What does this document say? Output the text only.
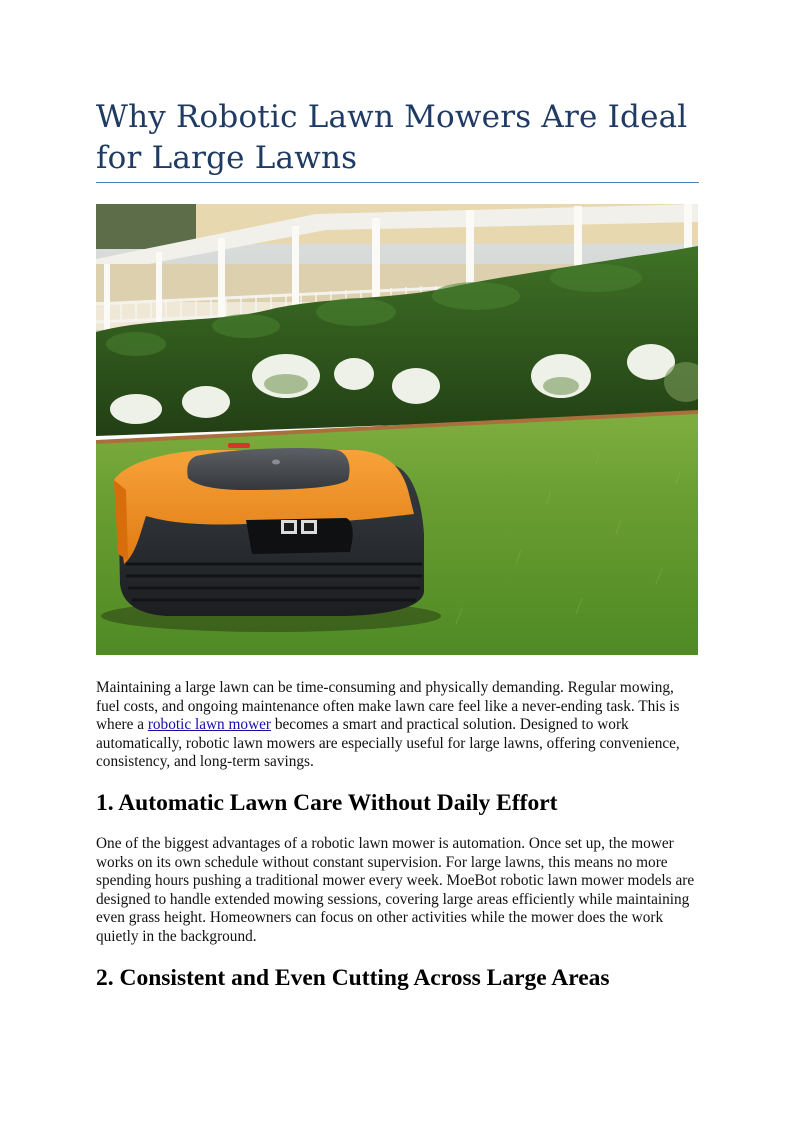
Why Robotic Lawn Mowers Are Ideal for Large Lawns

Maintaining a large lawn can be time-consuming and physically demanding. Regular mowing, fuel costs, and ongoing maintenance often make lawn care feel like a never-ending task. This is where a robotic lawn mower becomes a smart and practical solution. Designed to work automatically, robotic lawn mowers are especially useful for large lawns, offering convenience, consistency, and long-term savings.

1. Automatic Lawn Care Without Daily Effort

One of the biggest advantages of a robotic lawn mower is automation. Once set up, the mower works on its own schedule without constant supervision. For large lawns, this means no more spending hours pushing a traditional mower every week. MoeBot robotic lawn mower models are designed to handle extended mowing sessions, covering large areas efficiently while maintaining even grass height. Homeowners can focus on other activities while the mower does the work quietly in the background.

2. Consistent and Even Cutting Across Large Areas
